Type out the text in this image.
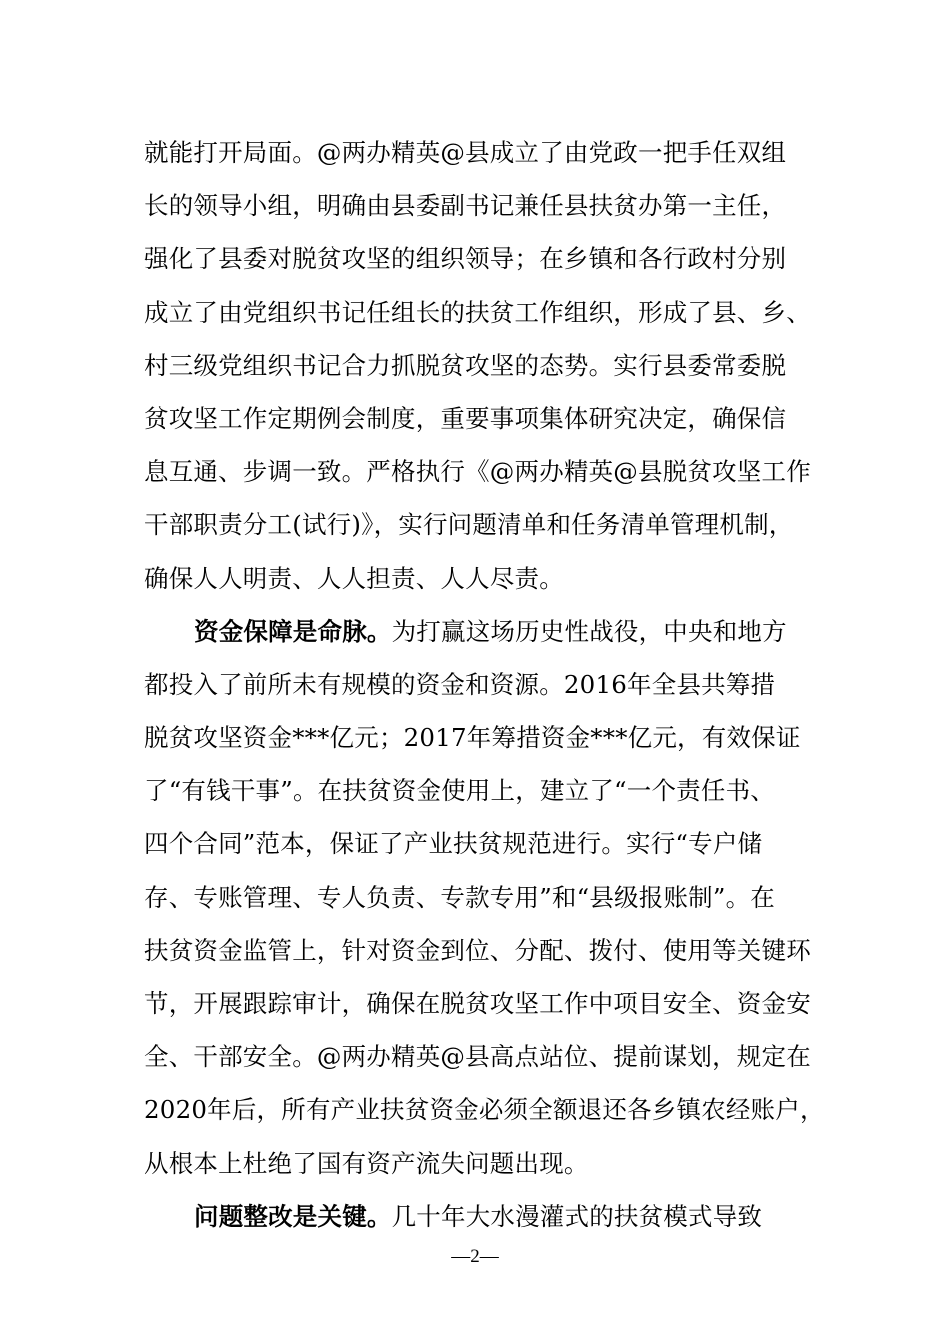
就能打开局面。@两办精英@县成立了由党政一把手任双组
长的领导小组，明确由县委副书记兼任县扶贫办第一主任，
强化了县委对脱贫攻坚的组织领导；在乡镇和各行政村分别
成立了由党组织书记任组长的扶贫工作组织，形成了县、乡、
村三级党组织书记合力抓脱贫攻坚的态势。实行县委常委脱
贫攻坚工作定期例会制度，重要事项集体研究决定，确保信
息互通、步调一致。严格执行《@两办精英@县脱贫攻坚工作
干部职责分工(试行)》，实行问题清单和任务清单管理机制，
确保人人明责、人人担责、人人尽责。
资金保障是命脉。为打赢这场历史性战役，中央和地方
都投入了前所未有规模的资金和资源。2016年全县共筹措
脱贫攻坚资金***亿元；2017年筹措资金***亿元，有效保证
了“有钱干事”。在扶贫资金使用上，建立了“一个责任书、
四个合同”范本，保证了产业扶贫规范进行。实行“专户储
存、专账管理、专人负责、专款专用”和“县级报账制”。在
扶贫资金监管上，针对资金到位、分配、拨付、使用等关键环
节，开展跟踪审计，确保在脱贫攻坚工作中项目安全、资金安
全、干部安全。@两办精英@县高点站位、提前谋划，规定在
2020年后，所有产业扶贫资金必须全额退还各乡镇农经账户，
从根本上杜绝了国有资产流失问题出现。
问题整改是关键。几十年大水漫灌式的扶贫模式导致
—2—
